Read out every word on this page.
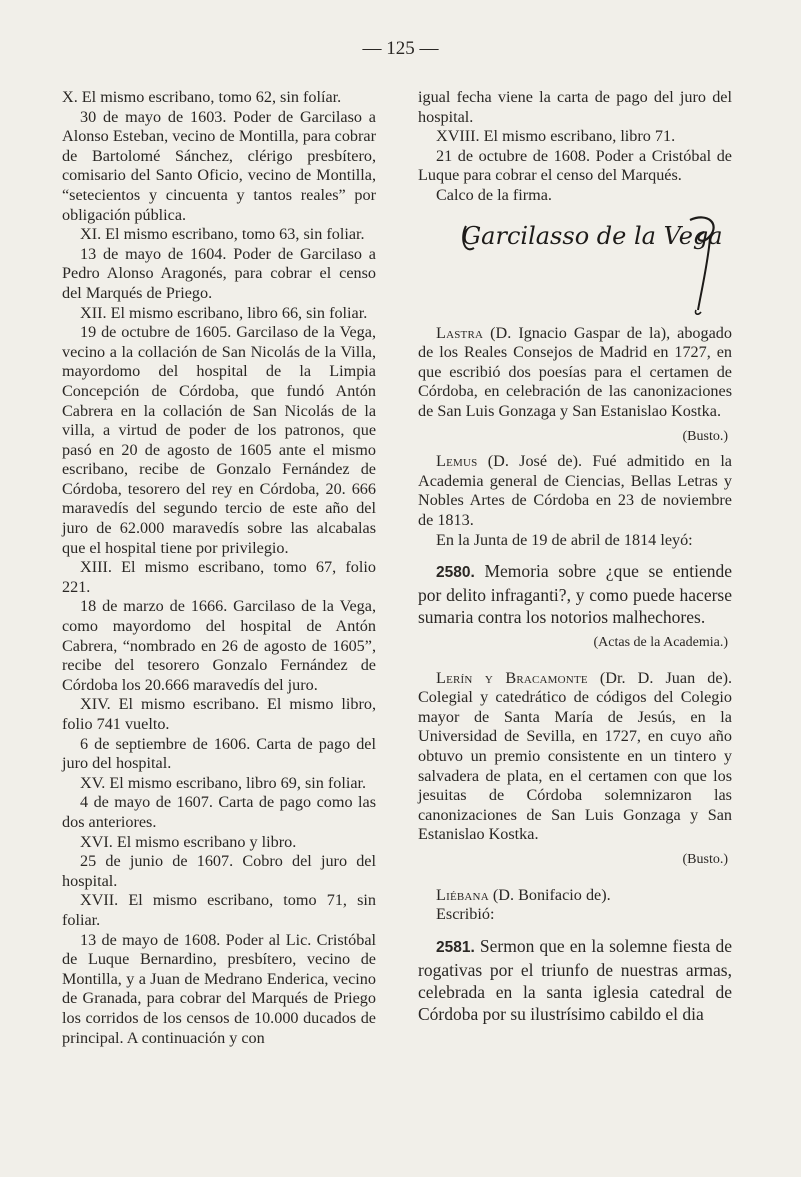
— 125 —

X. El mismo escribano, tomo 62, sin folíar.

30 de mayo de 1603. Poder de Garcilaso a Alonso Esteban, vecino de Montilla, para cobrar de Bartolomé Sánchez, clérigo presbítero, comisario del Santo Oficio, vecino de Montilla, “setecientos y cincuenta y tantos reales” por obligación pública.

XI. El mismo escribano, tomo 63, sin foliar.

13 de mayo de 1604. Poder de Garcilaso a Pedro Alonso Aragonés, para cobrar el censo del Marqués de Priego.

XII. El mismo escribano, libro 66, sin foliar.

19 de octubre de 1605. Garcilaso de la Vega, vecino a la collación de San Nicolás de la Villa, mayordomo del hospital de la Limpia Concepción de Córdoba, que fundó Antón Cabrera en la collación de San Nicolás de la villa, a virtud de poder de los patronos, que pasó en 20 de agosto de 1605 ante el mismo escribano, recibe de Gonzalo Fernández de Córdoba, tesorero del rey en Córdoba, 20. 666 maravedís del segundo tercio de este año del juro de 62.000 maravedís sobre las alcabalas que el hospital tiene por privilegio.

XIII. El mismo escribano, tomo 67, folio 221.

18 de marzo de 1666. Garcilaso de la Vega, como mayordomo del hospital de Antón Cabrera, “nombrado en 26 de agosto de 1605”, recibe del tesorero Gonzalo Fernández de Córdoba los 20.666 maravedís del juro.

XIV. El mismo escribano. El mismo libro, folio 741 vuelto.

6 de septiembre de 1606. Carta de pago del juro del hospital.

XV. El mismo escribano, libro 69, sin foliar.

4 de mayo de 1607. Carta de pago como las dos anteriores.

XVI. El mismo escribano y libro.

25 de junio de 1607. Cobro del juro del hospital.

XVII. El mismo escribano, tomo 71, sin foliar.

13 de mayo de 1608. Poder al Lic. Cristóbal de Luque Bernardino, presbítero, vecino de Montilla, y a Juan de Medrano Enderica, vecino de Granada, para cobrar del Marqués de Priego los corridos de los censos de 10.000 ducados de principal. A continuación y con

igual fecha viene la carta de pago del juro del hospital.

XVIII. El mismo escribano, libro 71.

21 de octubre de 1608. Poder a Cristóbal de Luque para cobrar el censo del Marqués.

Calco de la firma.

Garcilasso de la Vega

Lastra (D. Ignacio Gaspar de la), abogado de los Reales Consejos de Madrid en 1727, en que escribió dos poesías para el certamen de Córdoba, en celebración de las canonizaciones de San Luis Gonzaga y San Estanislao Kostka.

(Busto.)

Lemus (D. José de). Fué admitido en la Academia general de Ciencias, Bellas Letras y Nobles Artes de Córdoba en 23 de noviembre de 1813.

En la Junta de 19 de abril de 1814 leyó:

2580. Memoria sobre ¿que se entiende por delito infraganti?, y como puede hacerse sumaria contra los notorios malhechores.

(Actas de la Academia.)

Lerín y Bracamonte (Dr. D. Juan de). Colegial y catedrático de códigos del Colegio mayor de Santa María de Jesús, en la Universidad de Sevilla, en 1727, en cuyo año obtuvo un premio consistente en un tintero y salvadera de plata, en el certamen con que los jesuitas de Córdoba solemnizaron las canonizaciones de San Luis Gonzaga y San Estanislao Kostka.

(Busto.)

Liébana (D. Bonifacio de).

Escribió:

2581. Sermon que en la solemne fiesta de rogativas por el triunfo de nuestras armas, celebrada en la santa iglesia catedral de Córdoba por su ilustrísimo cabildo el dia
